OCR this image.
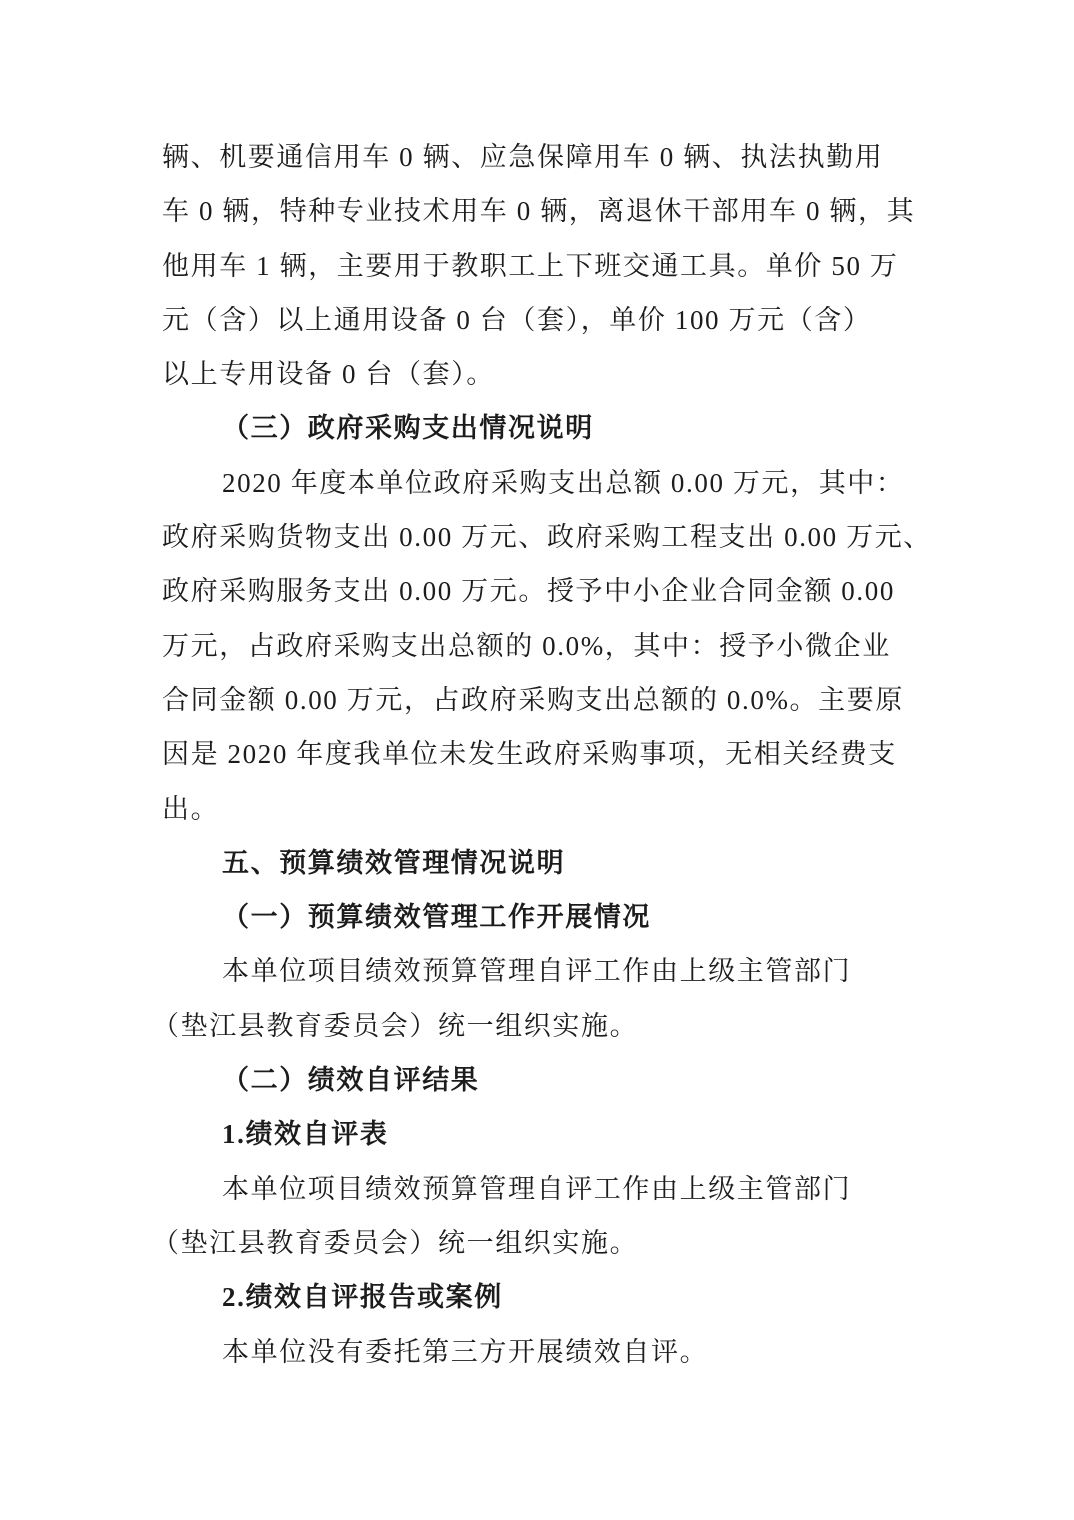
辆、机要通信用车 0 辆、应急保障用车 0 辆、执法执勤用
车 0 辆，特种专业技术用车 0 辆，离退休干部用车 0 辆，其
他用车 1 辆，主要用于教职工上下班交通工具。单价 50 万
元（含）以上通用设备 0 台（套），单价 100 万元（含）
以上专用设备 0 台（套）。
（三）政府采购支出情况说明
2020 年度本单位政府采购支出总额 0.00 万元，其中：
政府采购货物支出 0.00 万元、政府采购工程支出 0.00 万元、
政府采购服务支出 0.00 万元。授予中小企业合同金额 0.00
万元，占政府采购支出总额的 0.0%，其中：授予小微企业
合同金额 0.00 万元，占政府采购支出总额的 0.0%。主要原
因是 2020 年度我单位未发生政府采购事项，无相关经费支
出。
五、预算绩效管理情况说明
（一）预算绩效管理工作开展情况
本单位项目绩效预算管理自评工作由上级主管部门
（垫江县教育委员会）统一组织实施。
（二）绩效自评结果
1.绩效自评表
本单位项目绩效预算管理自评工作由上级主管部门
（垫江县教育委员会）统一组织实施。
2.绩效自评报告或案例
本单位没有委托第三方开展绩效自评。
